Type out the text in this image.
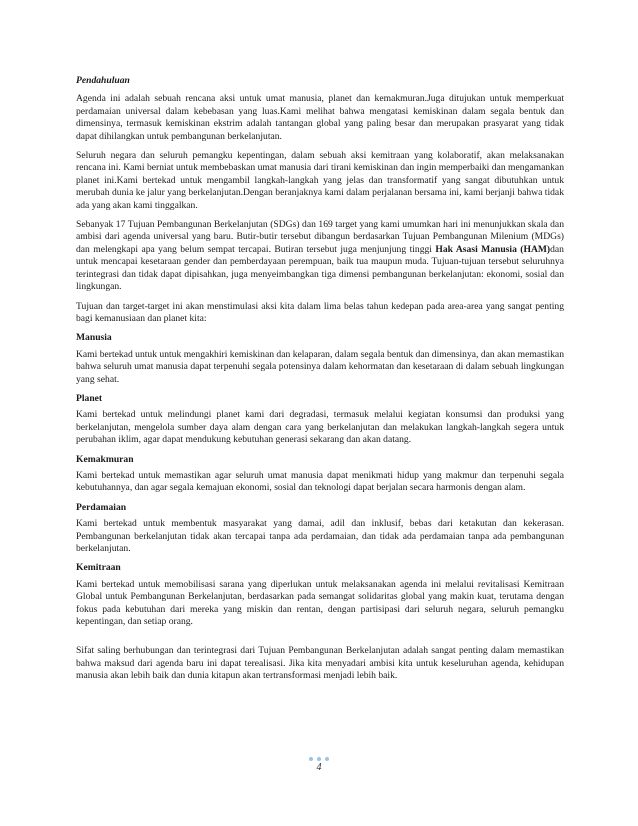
Pendahuluan

Agenda ini adalah sebuah rencana aksi untuk umat manusia, planet dan kemakmuran.Juga ditujukan untuk memperkuat perdamaian universal dalam kebebasan yang luas.Kami melihat bahwa mengatasi kemiskinan dalam segala bentuk dan dimensinya, termasuk kemiskinan ekstrim adalah tantangan global yang paling besar dan merupakan prasyarat yang tidak dapat dihilangkan untuk pembangunan berkelanjutan.

Seluruh negara dan seluruh pemangku kepentingan, dalam sebuah aksi kemitraan yang kolaboratif, akan melaksanakan rencana ini. Kami berniat untuk membebaskan umat manusia dari tirani kemiskinan dan ingin memperbaiki dan mengamankan planet ini.Kami bertekad untuk mengambil langkah-langkah yang jelas dan transformatif yang sangat dibutuhkan untuk merubah dunia ke jalur yang berkelanjutan.Dengan beranjaknya kami dalam perjalanan bersama ini, kami berjanji bahwa tidak ada yang akan kami tinggalkan.

Sebanyak 17 Tujuan Pembangunan Berkelanjutan (SDGs) dan 169 target yang kami umumkan hari ini menunjukkan skala dan ambisi dari agenda universal yang baru. Butir-butir tersebut dibangun berdasarkan Tujuan Pembangunan Milenium (MDGs) dan melengkapi apa yang belum sempat tercapai. Butiran tersebut juga menjunjung tinggi Hak Asasi Manusia (HAM)dan untuk mencapai kesetaraan gender dan pemberdayaan perempuan, baik tua maupun muda. Tujuan-tujuan tersebut seluruhnya terintegrasi dan tidak dapat dipisahkan, juga menyeimbangkan tiga dimensi pembangunan berkelanjutan: ekonomi, sosial dan lingkungan.

Tujuan dan target-target ini akan menstimulasi aksi kita dalam lima belas tahun kedepan pada area-area yang sangat penting bagi kemanusiaan dan planet kita:

Manusia

Kami bertekad untuk untuk mengakhiri kemiskinan dan kelaparan, dalam segala bentuk dan dimensinya, dan akan memastikan bahwa seluruh umat manusia dapat terpenuhi segala potensinya dalam kehormatan dan kesetaraan di dalam sebuah lingkungan yang sehat.

Planet

Kami bertekad untuk melindungi planet kami dari degradasi, termasuk melalui kegiatan konsumsi dan produksi yang berkelanjutan, mengelola sumber daya alam dengan cara yang berkelanjutan dan melakukan langkah-langkah segera untuk perubahan iklim, agar dapat mendukung kebutuhan generasi sekarang dan akan datang.

Kemakmuran

Kami bertekad untuk memastikan agar seluruh umat manusia dapat menikmati hidup yang makmur dan terpenuhi segala kebutuhannya, dan agar segala kemajuan ekonomi, sosial dan teknologi dapat berjalan secara harmonis dengan alam.

Perdamaian

Kami bertekad untuk membentuk masyarakat yang damai, adil dan inklusif, bebas dari ketakutan dan kekerasan. Pembangunan berkelanjutan tidak akan tercapai tanpa ada perdamaian, dan tidak ada perdamaian tanpa ada pembangunan berkelanjutan.

Kemitraan

Kami bertekad untuk memobilisasi sarana yang diperlukan untuk melaksanakan agenda ini melalui revitalisasi Kemitraan Global untuk Pembangunan Berkelanjutan, berdasarkan pada semangat solidaritas global yang makin kuat, terutama dengan fokus pada kebutuhan dari mereka yang miskin dan rentan, dengan partisipasi dari seluruh negara, seluruh pemangku kepentingan, dan setiap orang.

Sifat saling berhubungan dan terintegrasi dari Tujuan Pembangunan Berkelanjutan adalah sangat penting dalam memastikan bahwa maksud dari agenda baru ini dapat terealisasi. Jika kita menyadari ambisi kita untuk keseluruhan agenda, kehidupan manusia akan lebih baik dan dunia kitapun akan tertransformasi menjadi lebih baik.

4
